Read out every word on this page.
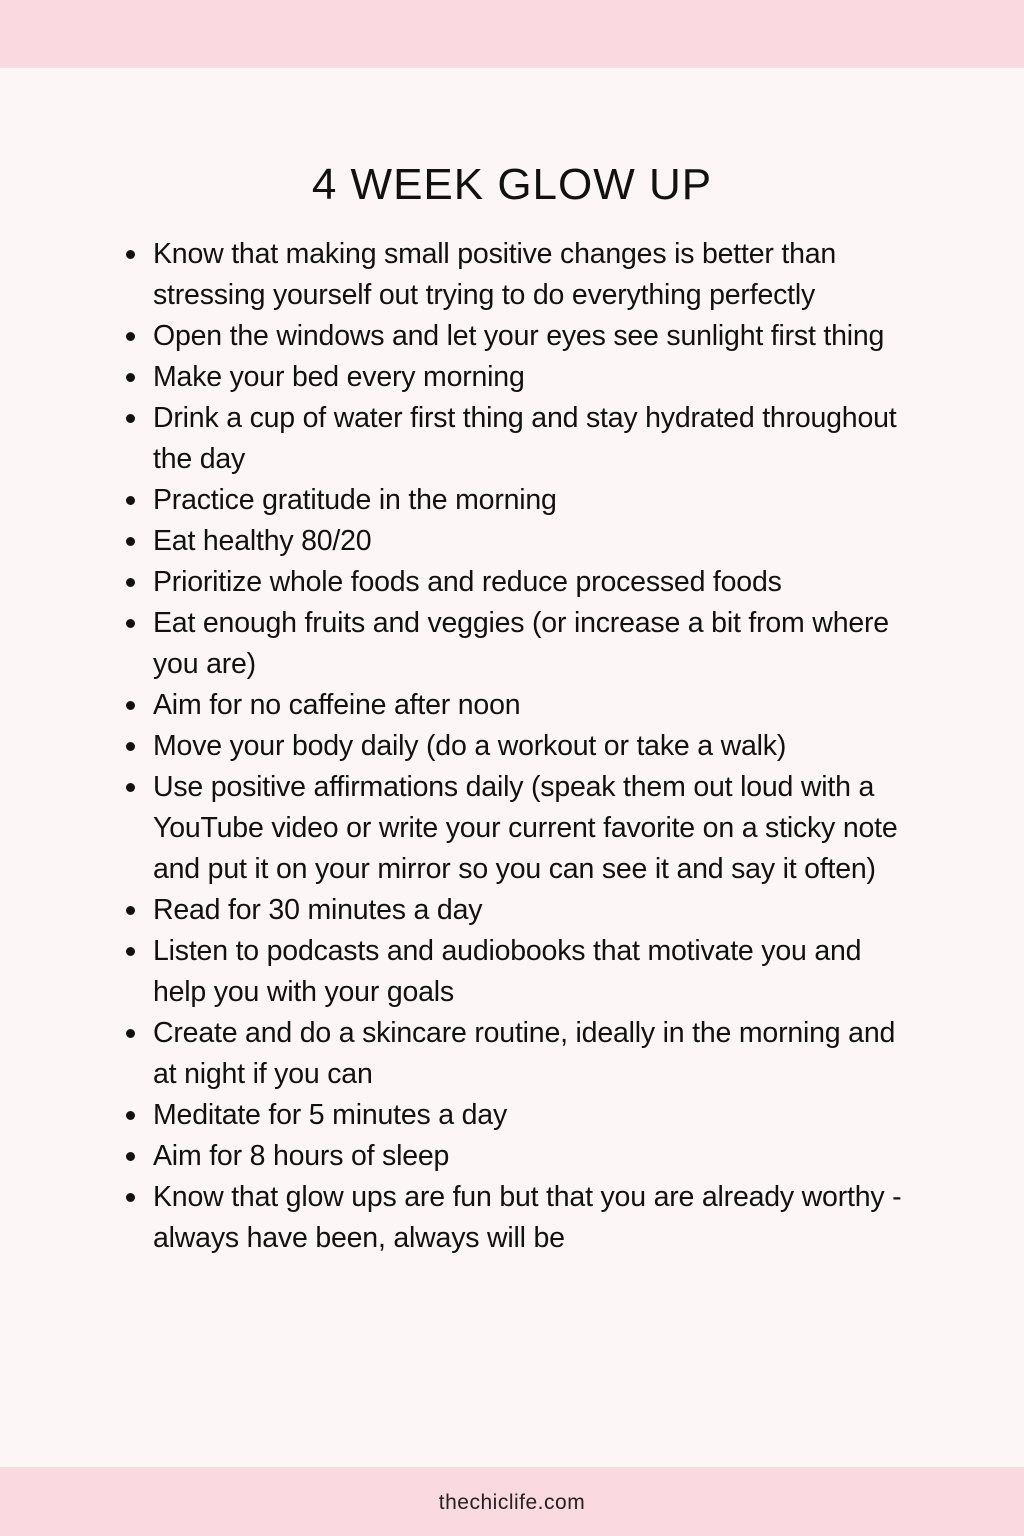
4 WEEK GLOW UP
Know that making small positive changes is better than stressing yourself out trying to do everything perfectly
Open the windows and let your eyes see sunlight first thing
Make your bed every morning
Drink a cup of water first thing and stay hydrated throughout the day
Practice gratitude in the morning
Eat healthy 80/20
Prioritize whole foods and reduce processed foods
Eat enough fruits and veggies (or increase a bit from where you are)
Aim for no caffeine after noon
Move your body daily (do a workout or take a walk)
Use positive affirmations daily (speak them out loud with a YouTube video or write your current favorite on a sticky note and put it on your mirror so you can see it and say it often)
Read for 30 minutes a day
Listen to podcasts and audiobooks that motivate you and help you with your goals
Create and do a skincare routine, ideally in the morning and at night if you can
Meditate for 5 minutes a day
Aim for 8 hours of sleep
Know that glow ups are fun but that you are already worthy - always have been, always will be
thechiclife.com
